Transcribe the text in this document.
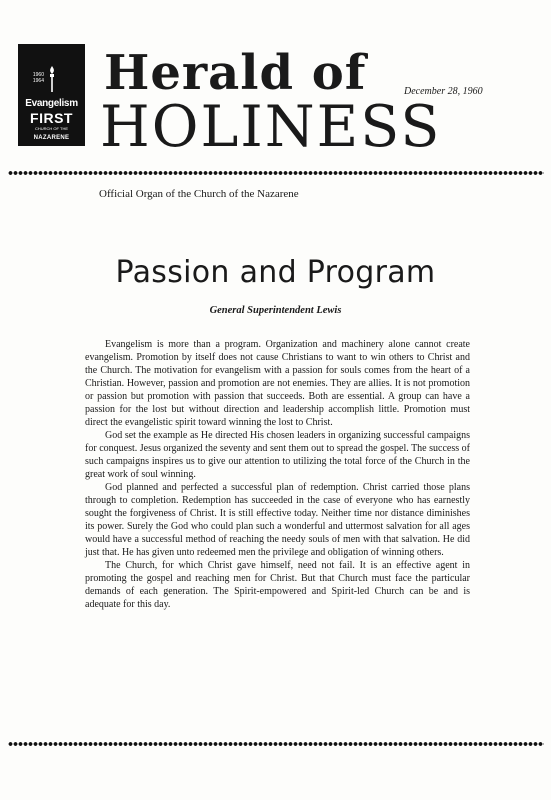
1960
1964
Evangelism
FIRST
CHURCH OF THE
NAZARENE
Herald of
HOLINESS
December 28, 1960
Official Organ of the Church of the Nazarene
Passion and Program
General Superintendent Lewis

Evangelism is more than a program. Organization and machinery alone cannot create evangelism. Promotion by itself does not cause Christians to want to win others to Christ and the Church. The motivation for evangelism with a passion for souls comes from the heart of a Christian. However, passion and promotion are not enemies. They are allies. It is not promotion or passion but promotion with passion that succeeds. Both are essential. A group can have a passion for the lost but without direction and leadership accomplish little. Promotion must direct the evangelistic spirit toward winning the lost to Christ.

God set the example as He directed His chosen leaders in organizing successful campaigns for conquest. Jesus organized the seventy and sent them out to spread the gospel. The success of such campaigns inspires us to give our attention to utilizing the total force of the Church in the great work of soul winning.

God planned and perfected a successful plan of redemption. Christ carried those plans through to completion. Redemption has succeeded in the case of everyone who has earnestly sought the forgiveness of Christ. It is still effective today. Neither time nor distance diminishes its power. Surely the God who could plan such a wonderful and uttermost salvation for all ages would have a successful method of reaching the needy souls of men with that salvation. He did just that. He has given unto redeemed men the privilege and obligation of winning others.

The Church, for which Christ gave himself, need not fail. It is an effective agent in promoting the gospel and reaching men for Christ. But that Church must face the particular demands of each generation. The Spirit-empowered and Spirit-led Church can be and is adequate for this day.
